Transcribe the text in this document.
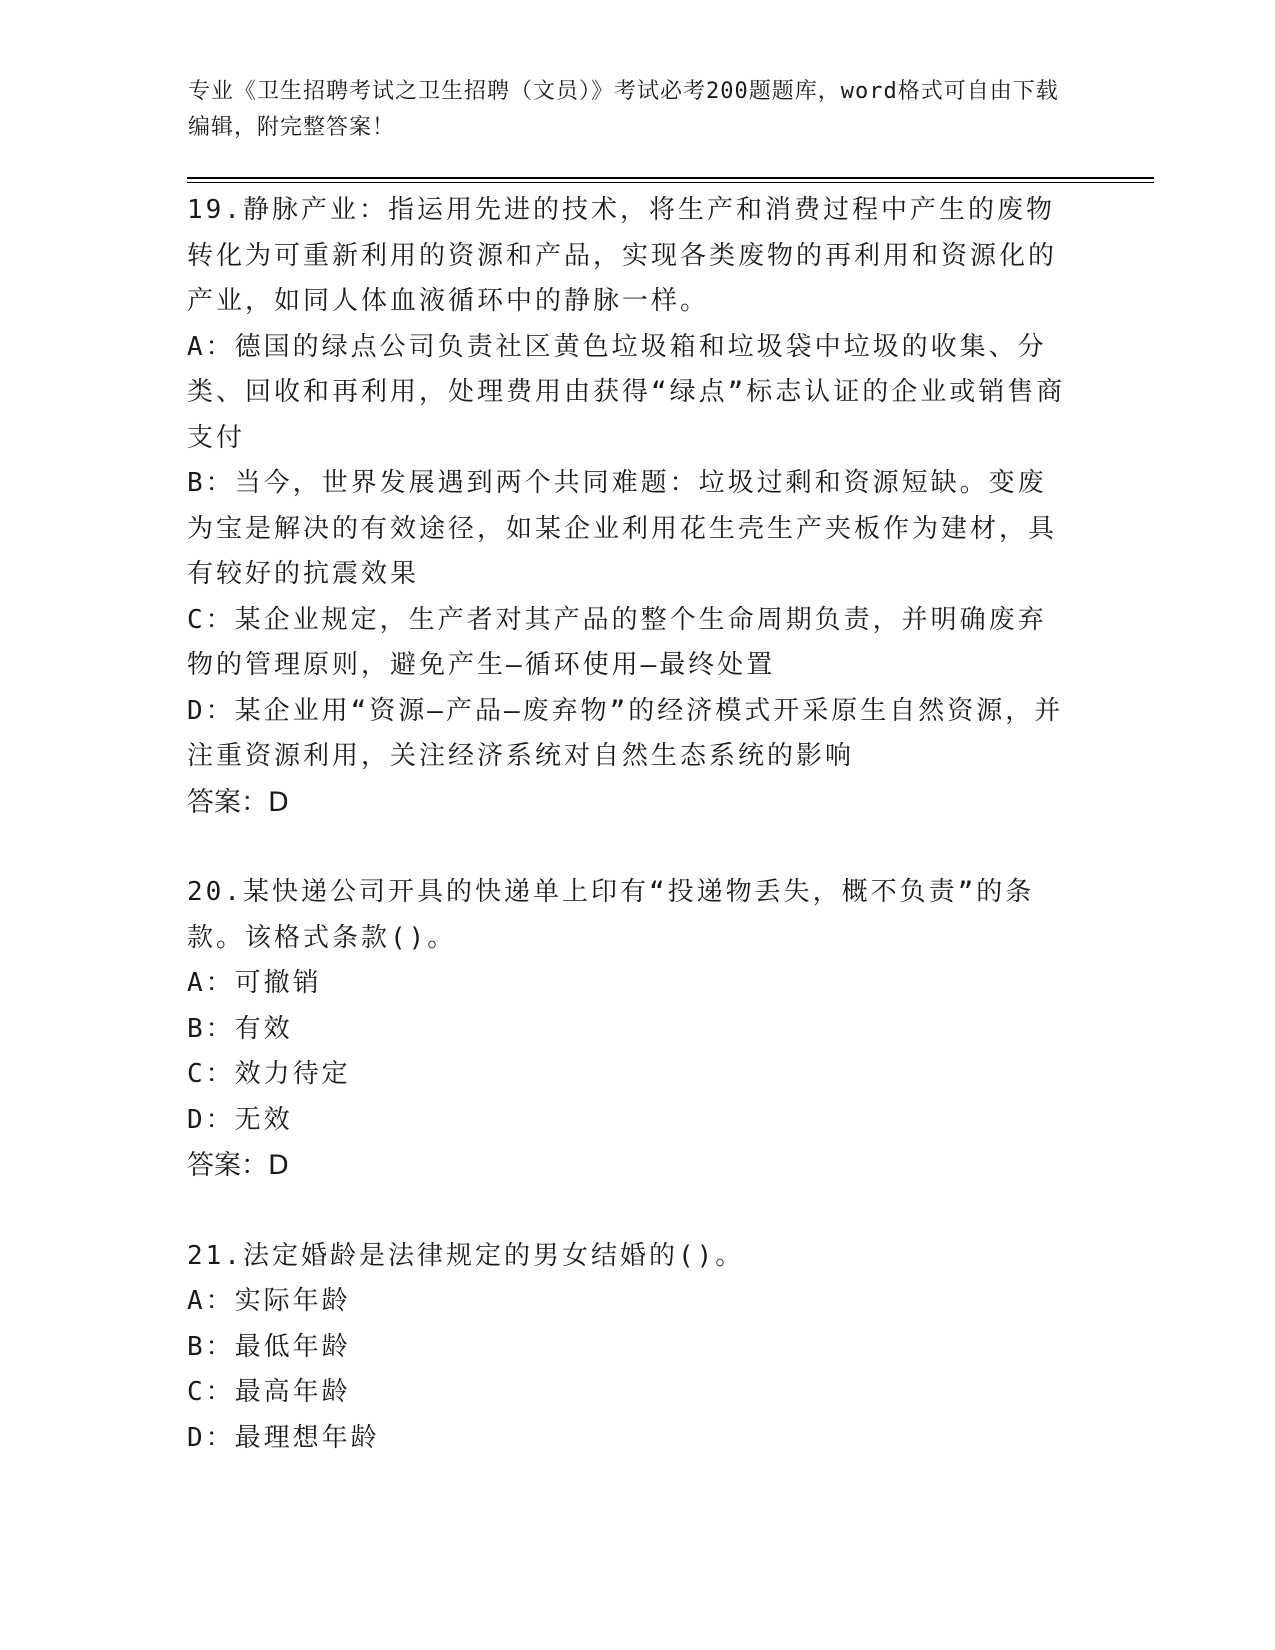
专业《卫生招聘考试之卫生招聘（文员）》考试必考200题题库，word格式可自由下载编辑，附完整答案！

19.静脉产业：指运用先进的技术，将生产和消费过程中产生的废物转化为可重新利用的资源和产品，实现各类废物的再利用和资源化的产业，如同人体血液循环中的静脉一样。

A：德国的绿点公司负责社区黄色垃圾箱和垃圾袋中垃圾的收集、分类、回收和再利用，处理费用由获得“绿点”标志认证的企业或销售商支付

B：当今，世界发展遇到两个共同难题：垃圾过剩和资源短缺。变废为宝是解决的有效途径，如某企业利用花生壳生产夹板作为建材，具有较好的抗震效果

C：某企业规定，生产者对其产品的整个生命周期负责，并明确废弃物的管理原则，避免产生—循环使用—最终处置

D：某企业用“资源—产品—废弃物”的经济模式开采原生自然资源，并注重资源利用，关注经济系统对自然生态系统的影响

答案：D

20.某快递公司开具的快递单上印有“投递物丢失，概不负责”的条款。该格式条款()。

A：可撤销

B：有效

C：效力待定

D：无效

答案：D

21.法定婚龄是法律规定的男女结婚的()。

A：实际年龄

B：最低年龄

C：最高年龄

D：最理想年龄
